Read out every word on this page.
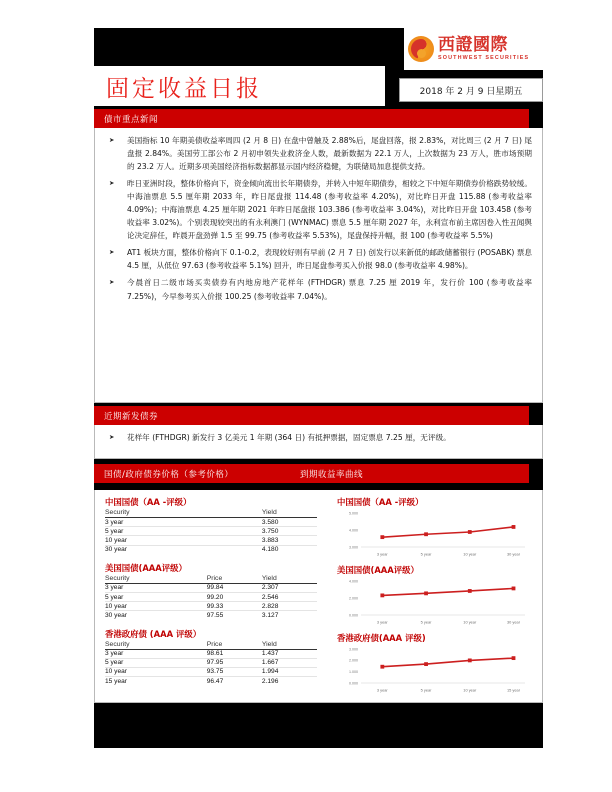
西證國際
SOUTHWEST SECURITIES
固定收益日报	2018 年 2 月 9 日星期五
債市重点新闻
➤ 美国指标 10 年期美债收益率周四 (2 月 8 日) 在盘中曾触及 2.88%后，尾盘回落，报 2.83%，对比周三 (2 月 7 日) 尾盘报 2.84%。美国劳工部公布 2 月初申领失业救济金人数，最新数据为 22.1 万人，上次数据为 23 万人，胜市场预期的 23.2 万人。近期多项美国经济指标数据都显示国内经济稳健，为联储局加息提供支持。
➤ 昨日亚洲时段，整体价格向下，资金倾向流出长年期债券，并转入中短年期债券，相较之下中短年期债券价格跌势较缓。中海油票息 5.5 厘年期 2033 年，昨日尾盘报 114.48 (参考收益率 4.20%)，对比昨日开盘 115.88 (参考收益率 4.09%)；中海油票息 4.25 厘年期 2021 年昨日尾盘报 103.386 (参考收益率 3.04%)，对比昨日开盘 103.458 (参考收益率 3.02%)。个别表现较突出的有永利澳门 (WYNMAC) 票息 5.5 厘年期 2027 年，永利宣布前主席因卷入性丑闻舆论决定辞任，昨晨开盘劲弹 1.5 至 99.75 (参考收益率 5.53%)，尾盘保持升幅，报 100 (参考收益率 5.5%)
➤ AT1 板块方面，整体价格向下 0.1-0.2，表现较好则有早前 (2 月 7 日) 创发行以来新低的邮政储蓄银行 (POSABK) 票息 4.5 厘，从低位 97.63 (参考收益率 5.1%) 回升，昨日尾盘参考买入价报 98.0 (参考收益率 4.98%)。
➤ 今晨首日二级市场买卖债券有内地房地产花样年 (FTHDGR) 票息 7.25 厘 2019 年，发行价 100 (参考收益率 7.25%)，今早参考买入价报 100.25 (参考收益率 7.04%)。
近期新发债券
➤ 花样年 (FTHDGR) 新发行 3 亿美元 1 年期 (364 日) 有抵押票据，固定票息 7.25 厘，无评级。
国债/政府债券价格（参考价格）	到期收益率曲线
中国国债（AA -评级）
Security		Yield
3 year		3.580
5 year		3.750
10 year		3.883
30 year		4.180
美国国债(AAA评级）
Security	Price	Yield
3 year	99.84	2.307
5 year	99.20	2.546
10 year	99.33	2.828
30 year	97.55	3.127
香港政府债 (AAA 评级）
Security	Price	Yield
3 year	98.61	1.437
5 year	97.95	1.667
10 year	93.75	1.994
15 year	96.47	2.196
中国国债（AA -评级）
3.000
4.000
5.000
3 year	5 year	10 year	30 year
美国国债(AAA评级）
0.000
2.000
4.000
3 year	5 year	10 year	30 year
香港政府债(AAA 评级)
0.000
1.000
2.000
3.000
3 year	5 year	10 year	15 year
